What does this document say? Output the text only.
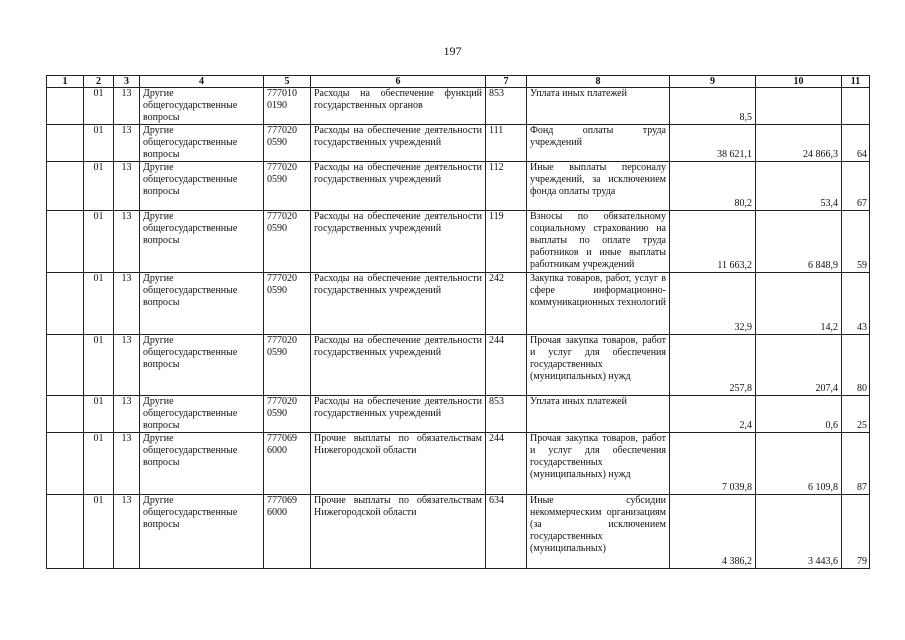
197
1	2	3	4	5	6	7	8	9	10	11
	01	13	Другие общегосударственные вопросы	777010 0190	Расходы на обеспечение функций государственных органов	853	Уплата иных платежей	8,5		
	01	13	Другие общегосударственные вопросы	777020 0590	Расходы на обеспечение деятельности государственных учреждений	111	Фонд оплаты труда учреждений	38 621,1	24 866,3	64
	01	13	Другие общегосударственные вопросы	777020 0590	Расходы на обеспечение деятельности государственных учреждений	112	Иные выплаты персоналу учреждений, за исключением фонда оплаты труда	80,2	53,4	67
	01	13	Другие общегосударственные вопросы	777020 0590	Расходы на обеспечение деятельности государственных учреждений	119	Взносы по обязательному социальному страхованию на выплаты по оплате труда работников и иные выплаты работникам учреждений	11 663,2	6 848,9	59
	01	13	Другие общегосударственные вопросы	777020 0590	Расходы на обеспечение деятельности государственных учреждений	242	Закупка товаров, работ, услуг в сфере информационно-коммуникационных технологий	32,9	14,2	43
	01	13	Другие общегосударственные вопросы	777020 0590	Расходы на обеспечение деятельности государственных учреждений	244	Прочая закупка товаров, работ и услуг для обеспечения государственных (муниципальных) нужд	257,8	207,4	80
	01	13	Другие общегосударственные вопросы	777020 0590	Расходы на обеспечение деятельности государственных учреждений	853	Уплата иных платежей	2,4	0,6	25
	01	13	Другие общегосударственные вопросы	777069 6000	Прочие выплаты по обязательствам Нижегородской области	244	Прочая закупка товаров, работ и услуг для обеспечения государственных (муниципальных) нужд	7 039,8	6 109,8	87
	01	13	Другие общегосударственные вопросы	777069 6000	Прочие выплаты по обязательствам Нижегородской области	634	Иные субсидии некоммерческим организациям (за исключением государственных (муниципальных)	4 386,2	3 443,6	79
